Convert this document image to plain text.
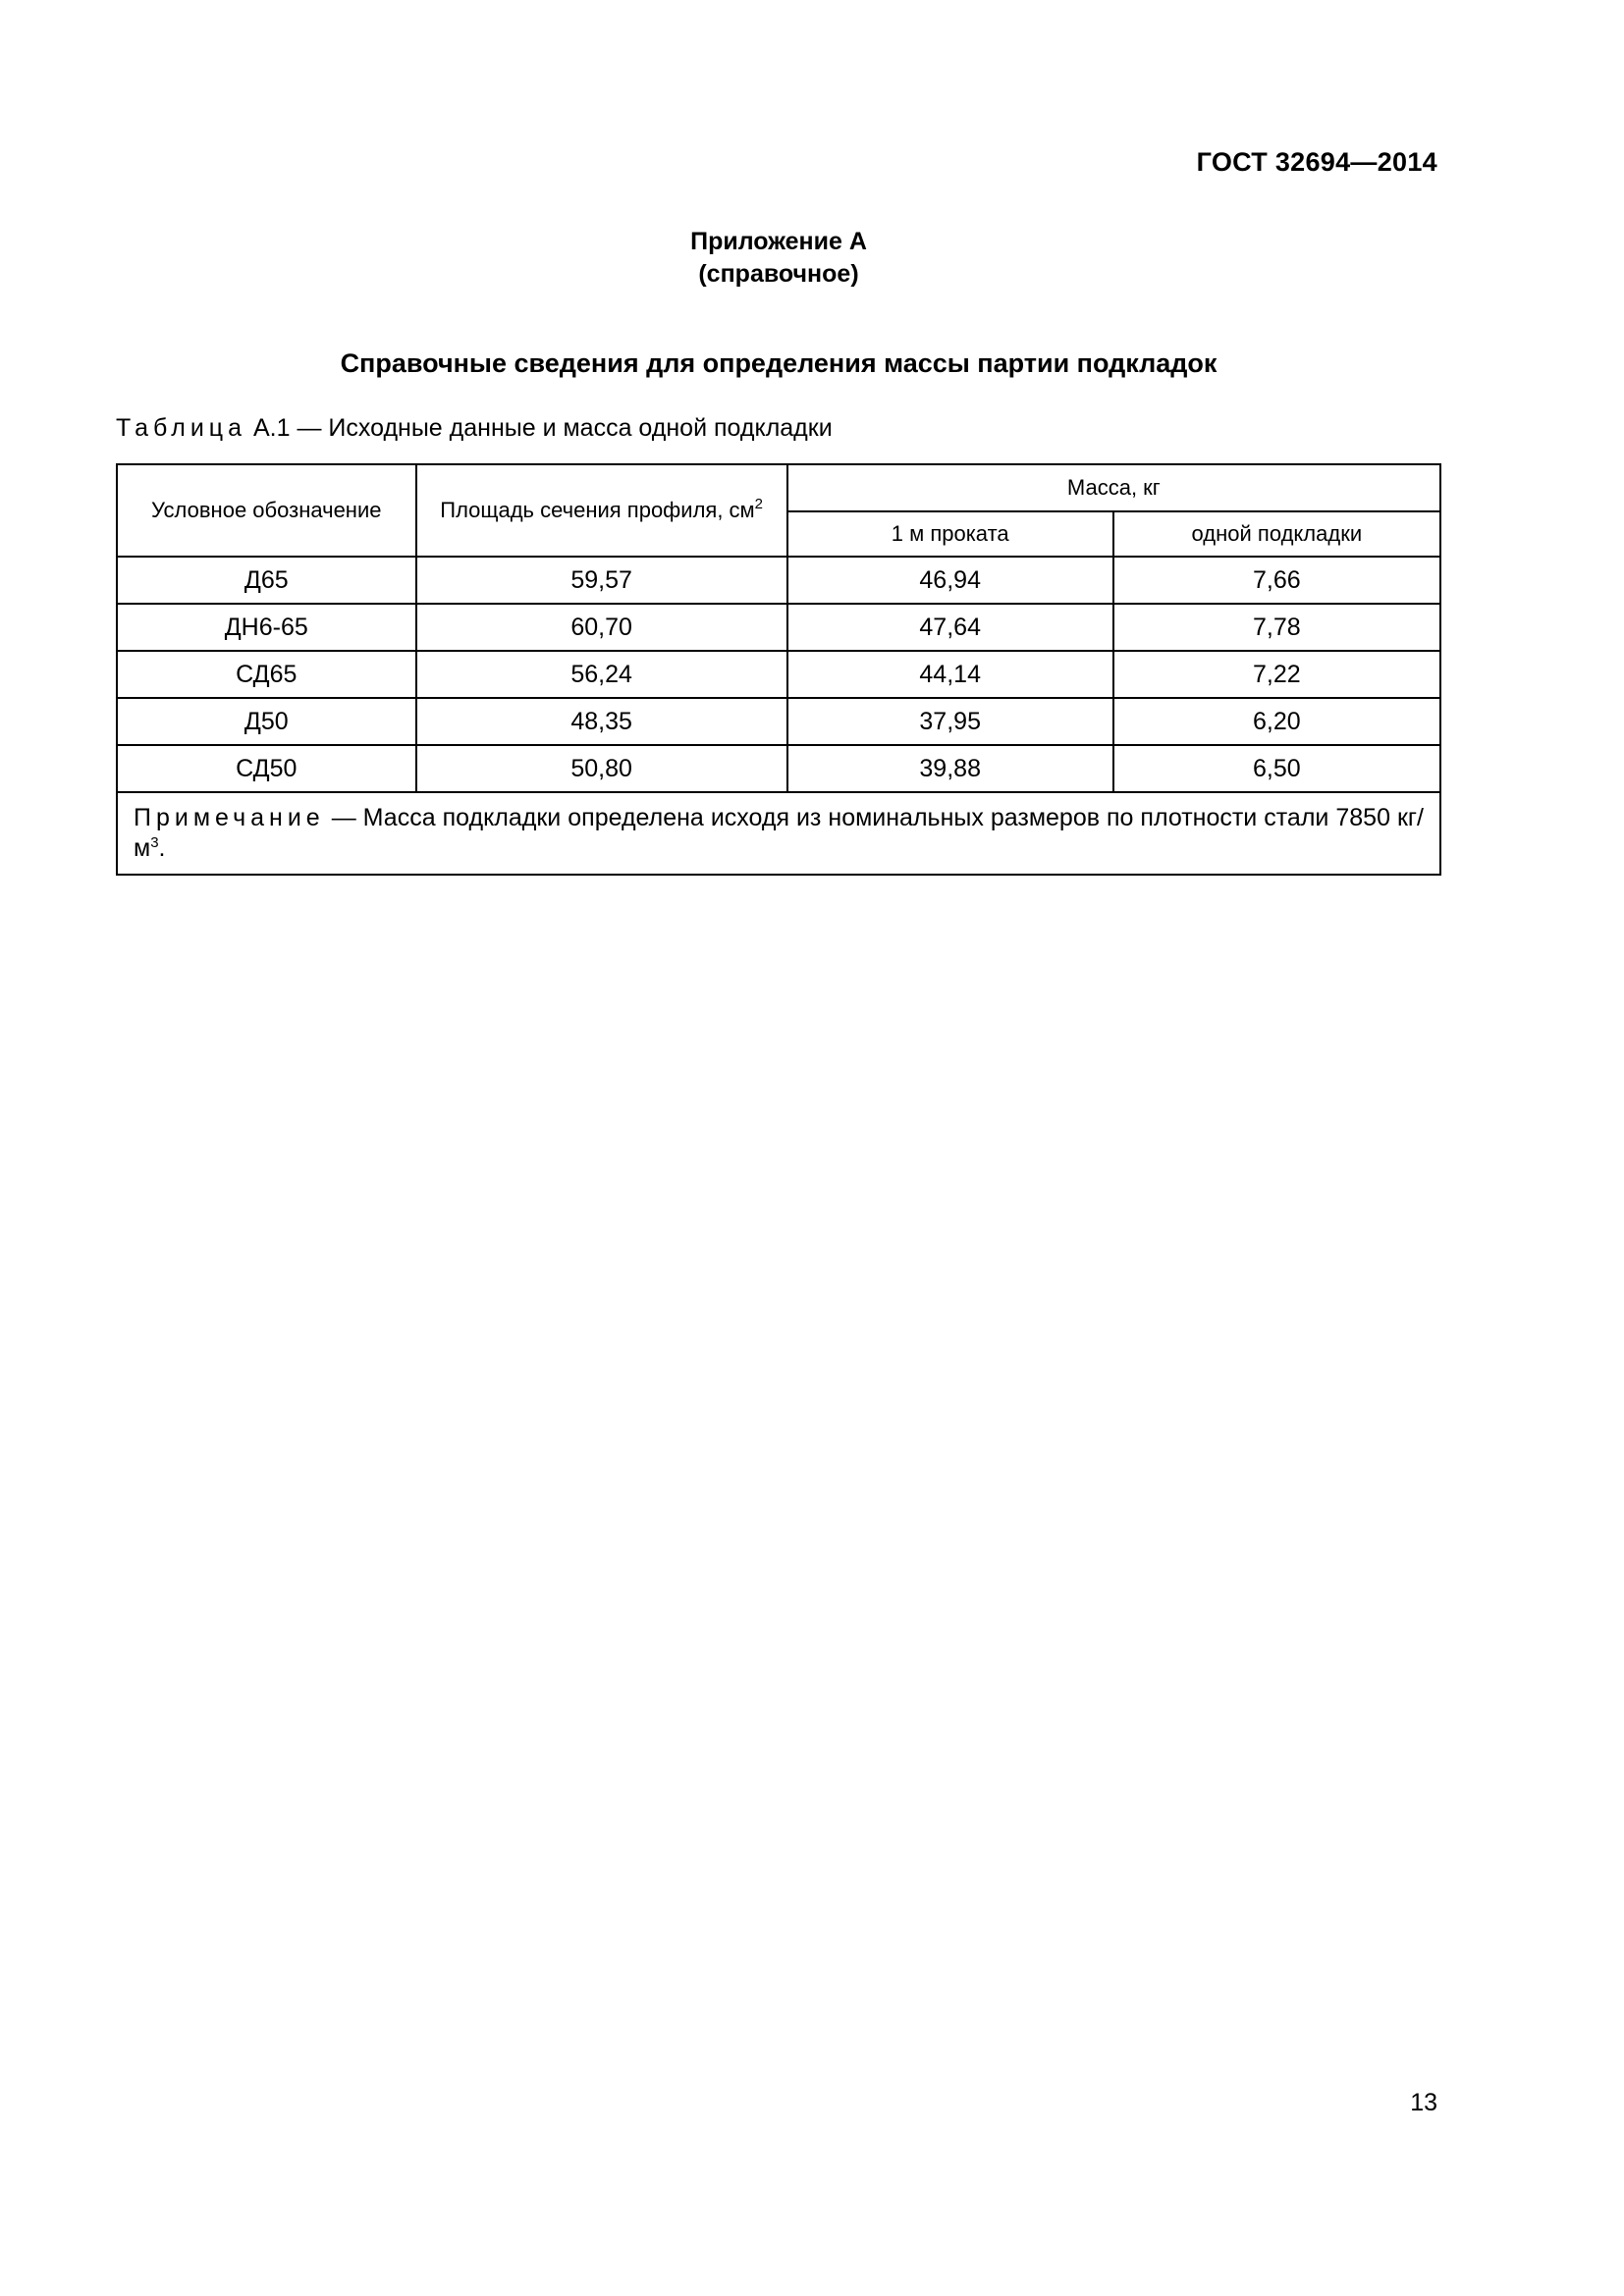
ГОСТ 32694—2014
Приложение А
(справочное)
Справочные сведения для определения массы партии подкладок
Таблица А.1 — Исходные данные и масса одной подкладки
Условное обозначение	Площадь сечения профиля, $см^2$	Масса, кг	
		1 м проката	одной подкладки
Д65	59,57	46,94	7,66
ДН6-65	60,70	47,64	7,78
СД65	56,24	44,14	7,22
Д50	48,35	37,95	6,20
СД50	50,80	39,88	6,50
Примечание — Масса подкладки определена исходя из номинальных размеров по плотности стали 7850 $кг/м^3$.			
13
